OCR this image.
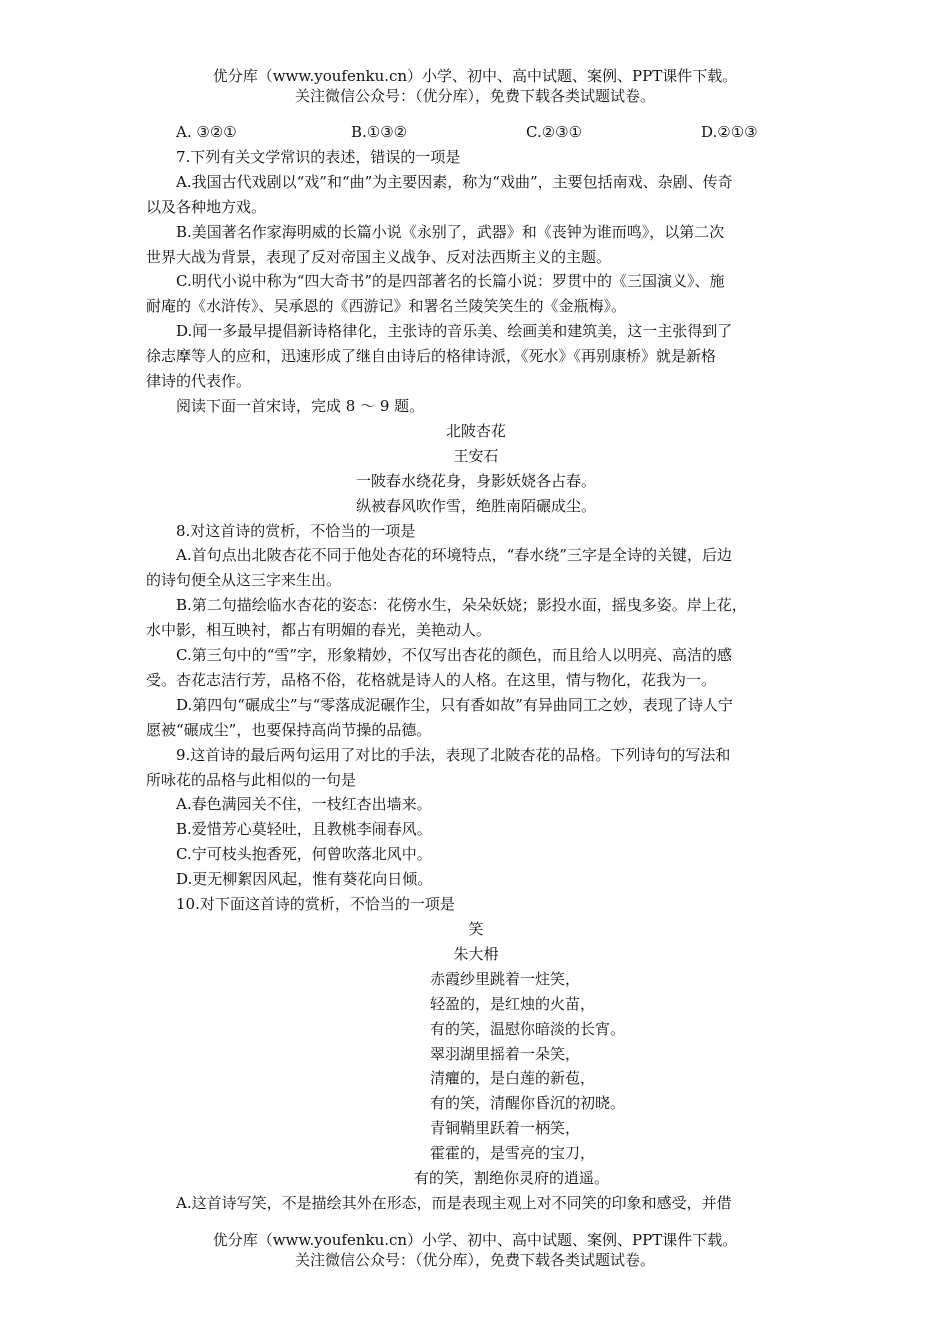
优分库（www.youfenku.cn）小学、初中、高中试题、案例、PPT课件下载。
关注微信公众号：（优分库），免费下载各类试题试卷。
A. ③②①	B.①③②	C.②③①	D.②①③
7.下列有关文学常识的表述，错误的一项是
A.我国古代戏剧以“戏”和“曲”为主要因素，称为“戏曲”，主要包括南戏、杂剧、传奇
以及各种地方戏。
B.美国著名作家海明威的长篇小说《永别了，武器》和《丧钟为谁而鸣》，以第二次
世界大战为背景，表现了反对帝国主义战争、反对法西斯主义的主题。
C.明代小说中称为“四大奇书”的是四部著名的长篇小说：罗贯中的《三国演义》、施
耐庵的《水浒传》、吴承恩的《西游记》和署名兰陵笑笑生的《金瓶梅》。
D.闻一多最早提倡新诗格律化，主张诗的音乐美、绘画美和建筑美，这一主张得到了
徐志摩等人的应和，迅速形成了继自由诗后的格律诗派，《死水》《再别康桥》就是新格
律诗的代表作。
阅读下面一首宋诗，完成 8 ～ 9 题。
北陂杏花
王安石
一陂春水绕花身，身影妖娆各占春。
纵被春风吹作雪，绝胜南陌碾成尘。
8.对这首诗的赏析，不恰当的一项是
A.首句点出北陂杏花不同于他处杏花的环境特点，“春水绕”三字是全诗的关键，后边
的诗句便全从这三字来生出。
B.第二句描绘临水杏花的姿态：花傍水生，朵朵妖娆；影投水面，摇曳多姿。岸上花，
水中影，相互映衬，都占有明媚的春光，美艳动人。
C.第三句中的“雪”字，形象精妙，不仅写出杏花的颜色，而且给人以明亮、高洁的感
受。杏花志洁行芳，品格不俗，花格就是诗人的人格。在这里，情与物化，花我为一。
D.第四句“碾成尘”与“零落成泥碾作尘，只有香如故”有异曲同工之妙，表现了诗人宁
愿被“碾成尘”，也要保持高尚节操的品德。
9.这首诗的最后两句运用了对比的手法，表现了北陂杏花的品格。下列诗句的写法和
所咏花的品格与此相似的一句是
A.春色满园关不住，一枝红杏出墙来。
B.爱惜芳心莫轻吐，且教桃李闹春风。
C.宁可枝头抱香死，何曾吹落北风中。
D.更无柳絮因风起，惟有葵花向日倾。
10.对下面这首诗的赏析，不恰当的一项是
笑
朱大枏
赤霞纱里跳着一炷笑，
轻盈的，是红烛的火苗，
有的笑，温慰你暗淡的长宵。
翠羽湖里摇着一朵笑，
清癯的，是白莲的新苞，
有的笑，清醒你昏沉的初晓。
青铜鞘里跃着一柄笑，
霍霍的，是雪亮的宝刀，
有的笑，割绝你灵府的逍遥。
A.这首诗写笑，不是描绘其外在形态，而是表现主观上对不同笑的印象和感受，并借
优分库（www.youfenku.cn）小学、初中、高中试题、案例、PPT课件下载。
关注微信公众号：（优分库），免费下载各类试题试卷。
